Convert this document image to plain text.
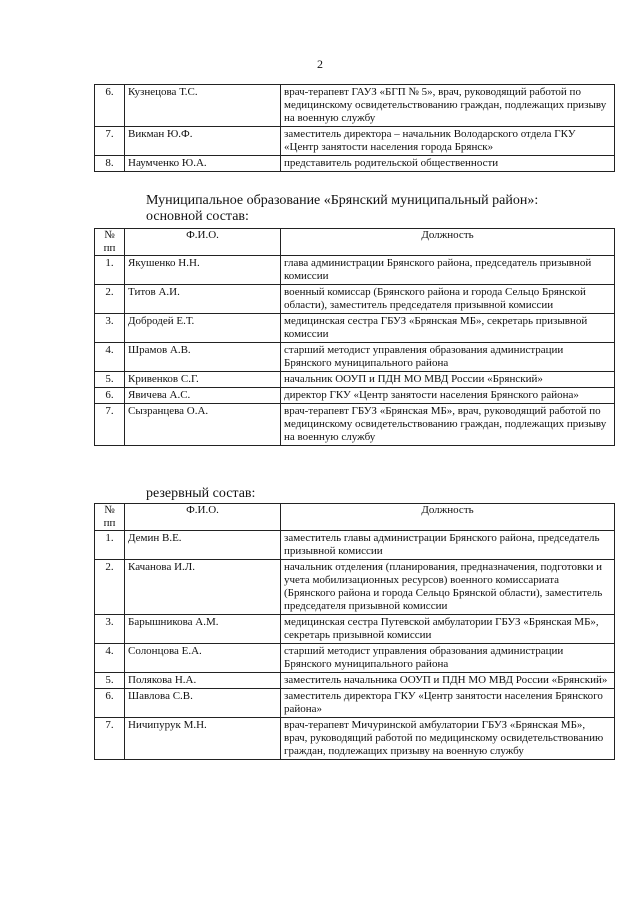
2
6.	Кузнецова Т.С.	врач-терапевт ГАУЗ «БГП № 5», врач, руководящий работой по медицинскому освидетельствованию граждан, подлежащих призыву на военную службу
7.	Викман Ю.Ф.	заместитель директора – начальник Володарского отдела ГКУ «Центр занятости населения города Брянск»
8.	Наумченко Ю.А.	представитель родительской общественности
Муниципальное образование «Брянский муниципальный район»:
основной состав:
№ пп	Ф.И.О.	Должность
1.	Якушенко Н.Н.	глава администрации Брянского района, председатель призывной комиссии
2.	Титов А.И.	военный комиссар (Брянского района и города Сельцо Брянской области), заместитель председателя призывной комиссии
3.	Добродей Е.Т.	медицинская сестра ГБУЗ «Брянская МБ», секретарь призывной комиссии
4.	Шрамов А.В.	старший методист управления образования администрации Брянского муниципального района
5.	Кривенков С.Г.	начальник ООУП и ПДН МО МВД России «Брянский»
6.	Явичева А.С.	директор ГКУ «Центр занятости населения Брянского района»
7.	Сызранцева О.А.	врач-терапевт ГБУЗ «Брянская МБ», врач, руководящий работой по медицинскому освидетельствованию граждан, подлежащих призыву на военную службу
резервный состав:
№ пп	Ф.И.О.	Должность
1.	Демин В.Е.	заместитель главы администрации Брянского района, председатель призывной комиссии
2.	Качанова И.Л.	начальник отделения (планирования, предназначения, подготовки и учета мобилизационных ресурсов) военного комиссариата (Брянского района и города Сельцо Брянской области), заместитель председателя призывной комиссии
3.	Барышникова А.М.	медицинская сестра Путевской амбулатории ГБУЗ «Брянская МБ», секретарь призывной комиссии
4.	Солонцова Е.А.	старший методист управления образования администрации Брянского муниципального района
5.	Полякова Н.А.	заместитель начальника ООУП и ПДН МО МВД России «Брянский»
6.	Шавлова С.В.	заместитель директора ГКУ «Центр занятости населения Брянского района»
7.	Ничипурук М.Н.	врач-терапевт Мичуринской амбулатории ГБУЗ «Брянская МБ», врач, руководящий работой по медицинскому освидетельствованию граждан, подлежащих призыву на военную службу
